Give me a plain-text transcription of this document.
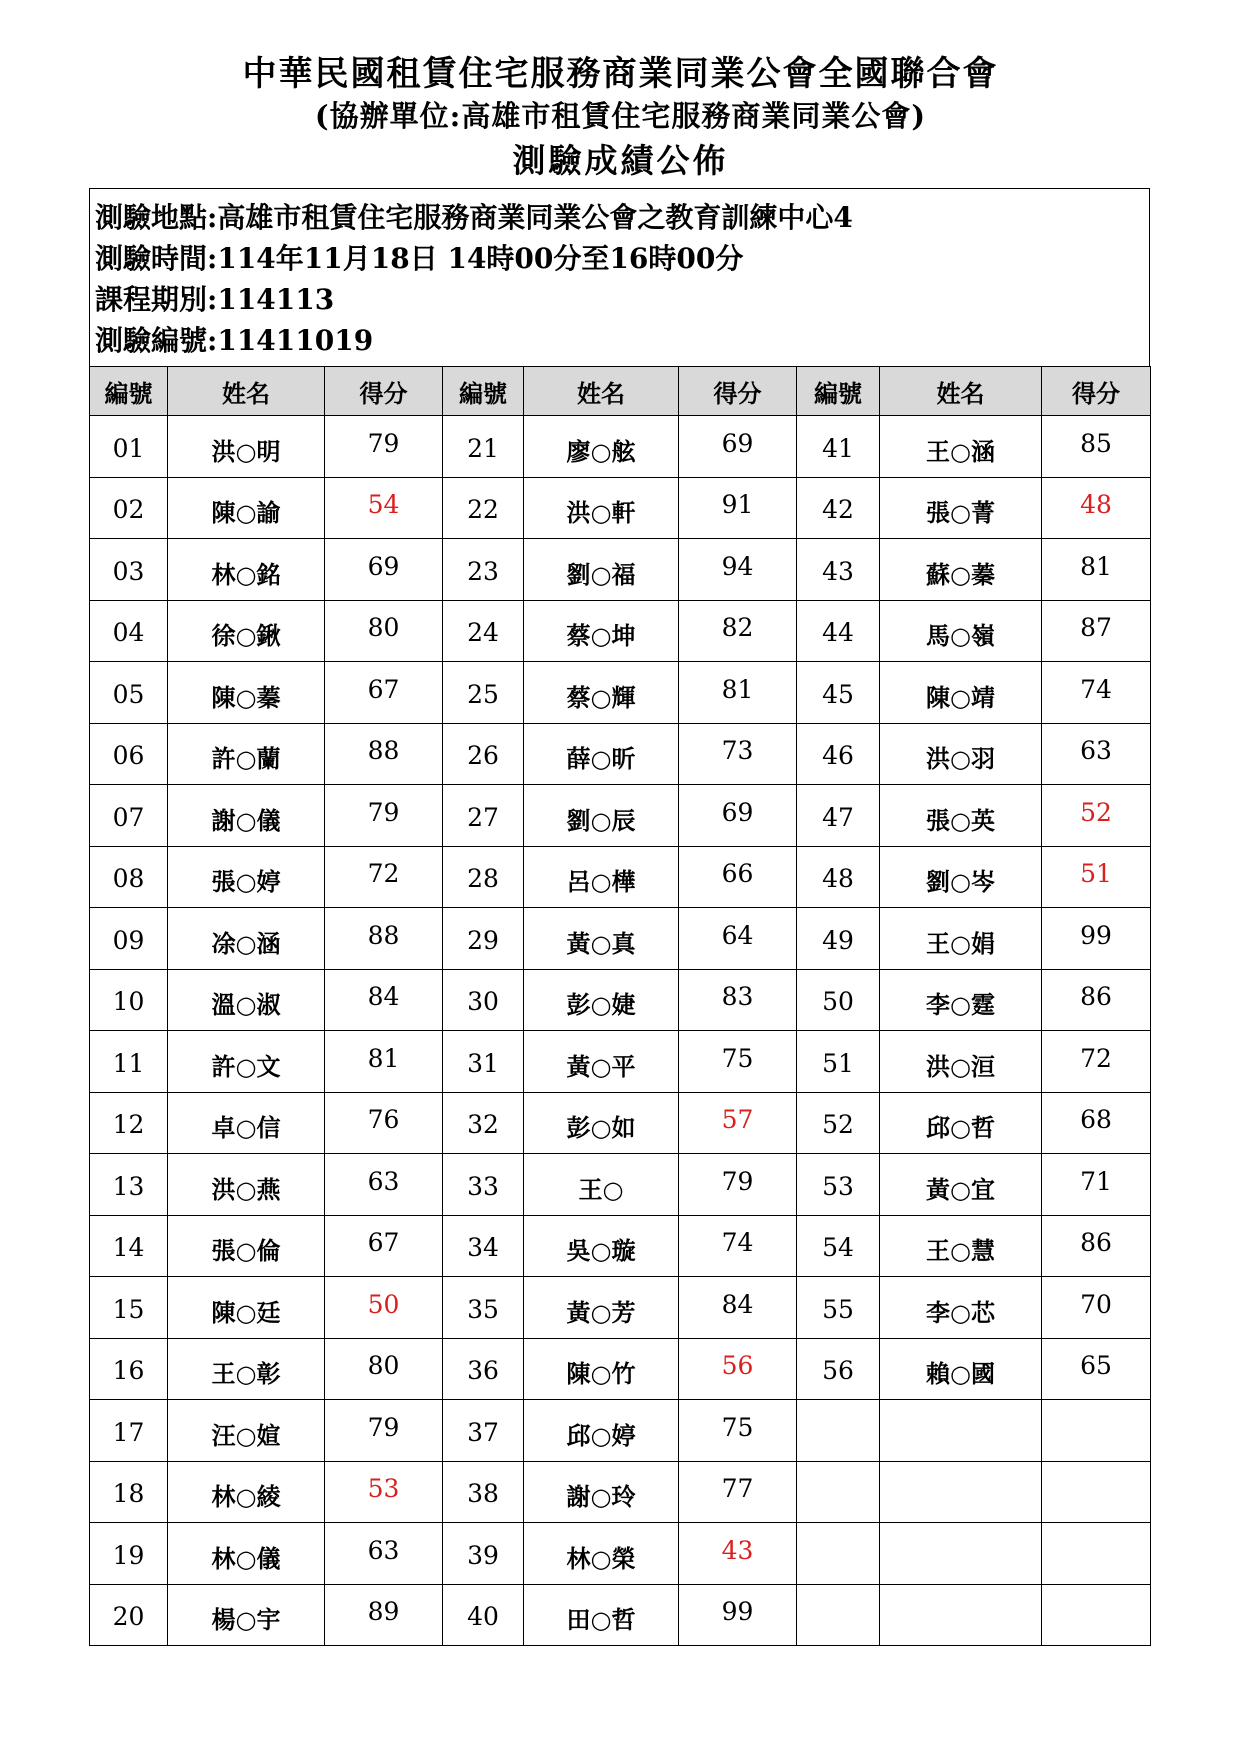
中華民國租賃住宅服務商業同業公會全國聯合會
(協辦單位:高雄市租賃住宅服務商業同業公會)
測驗成績公佈
測驗地點:高雄市租賃住宅服務商業同業公會之教育訓練中心4
測驗時間:114年11月18日 14時00分至16時00分
課程期別:114113
測驗編號:11411019
編號	姓名	得分	編號	姓名	得分	編號	姓名	得分
01	洪○明	79	21	廖○舷	69	41	王○涵	85
02	陳○諭	54	22	洪○軒	91	42	張○菁	48
03	林○銘	69	23	劉○福	94	43	蘇○蓁	81
04	徐○鍬	80	24	蔡○坤	82	44	馬○嶺	87
05	陳○蓁	67	25	蔡○輝	81	45	陳○靖	74
06	許○蘭	88	26	薛○昕	73	46	洪○羽	63
07	謝○儀	79	27	劉○辰	69	47	張○英	52
08	張○婷	72	28	呂○樺	66	48	劉○岑	51
09	凃○涵	88	29	黃○真	64	49	王○娟	99
10	溫○淑	84	30	彭○婕	83	50	李○霆	86
11	許○文	81	31	黃○平	75	51	洪○洹	72
12	卓○信	76	32	彭○如	57	52	邱○哲	68
13	洪○燕	63	33	王○	79	53	黃○宜	71
14	張○倫	67	34	吳○璇	74	54	王○慧	86
15	陳○廷	50	35	黃○芳	84	55	李○芯	70
16	王○彰	80	36	陳○竹	56	56	賴○國	65
17	汪○媗	79	37	邱○婷	75			
18	林○綾	53	38	謝○玲	77			
19	林○儀	63	39	林○榮	43			
20	楊○宇	89	40	田○哲	99			
